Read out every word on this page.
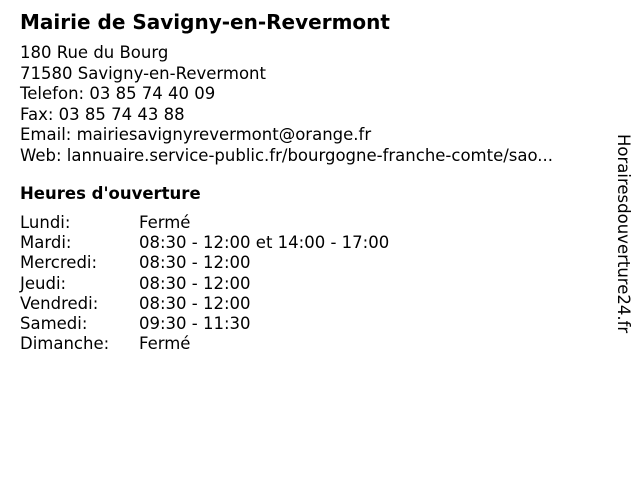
Mairie de Savigny-en-Revermont
180 Rue du Bourg
71580 Savigny-en-Revermont
Telefon: 03 85 74 40 09
Fax: 03 85 74 43 88
Email: mairiesavignyrevermont@orange.fr
Web: lannuaire.service-public.fr/bourgogne-franche-comte/sao...
Heures d'ouverture
Lundi:	Fermé
Mardi:	08:30 - 12:00 et 14:00 - 17:00
Mercredi:	08:30 - 12:00
Jeudi:	08:30 - 12:00
Vendredi: 08:30 - 12:00
Samedi:	09:30 - 11:30
Dimanche: Fermé
Horairesdouverture24.fr
